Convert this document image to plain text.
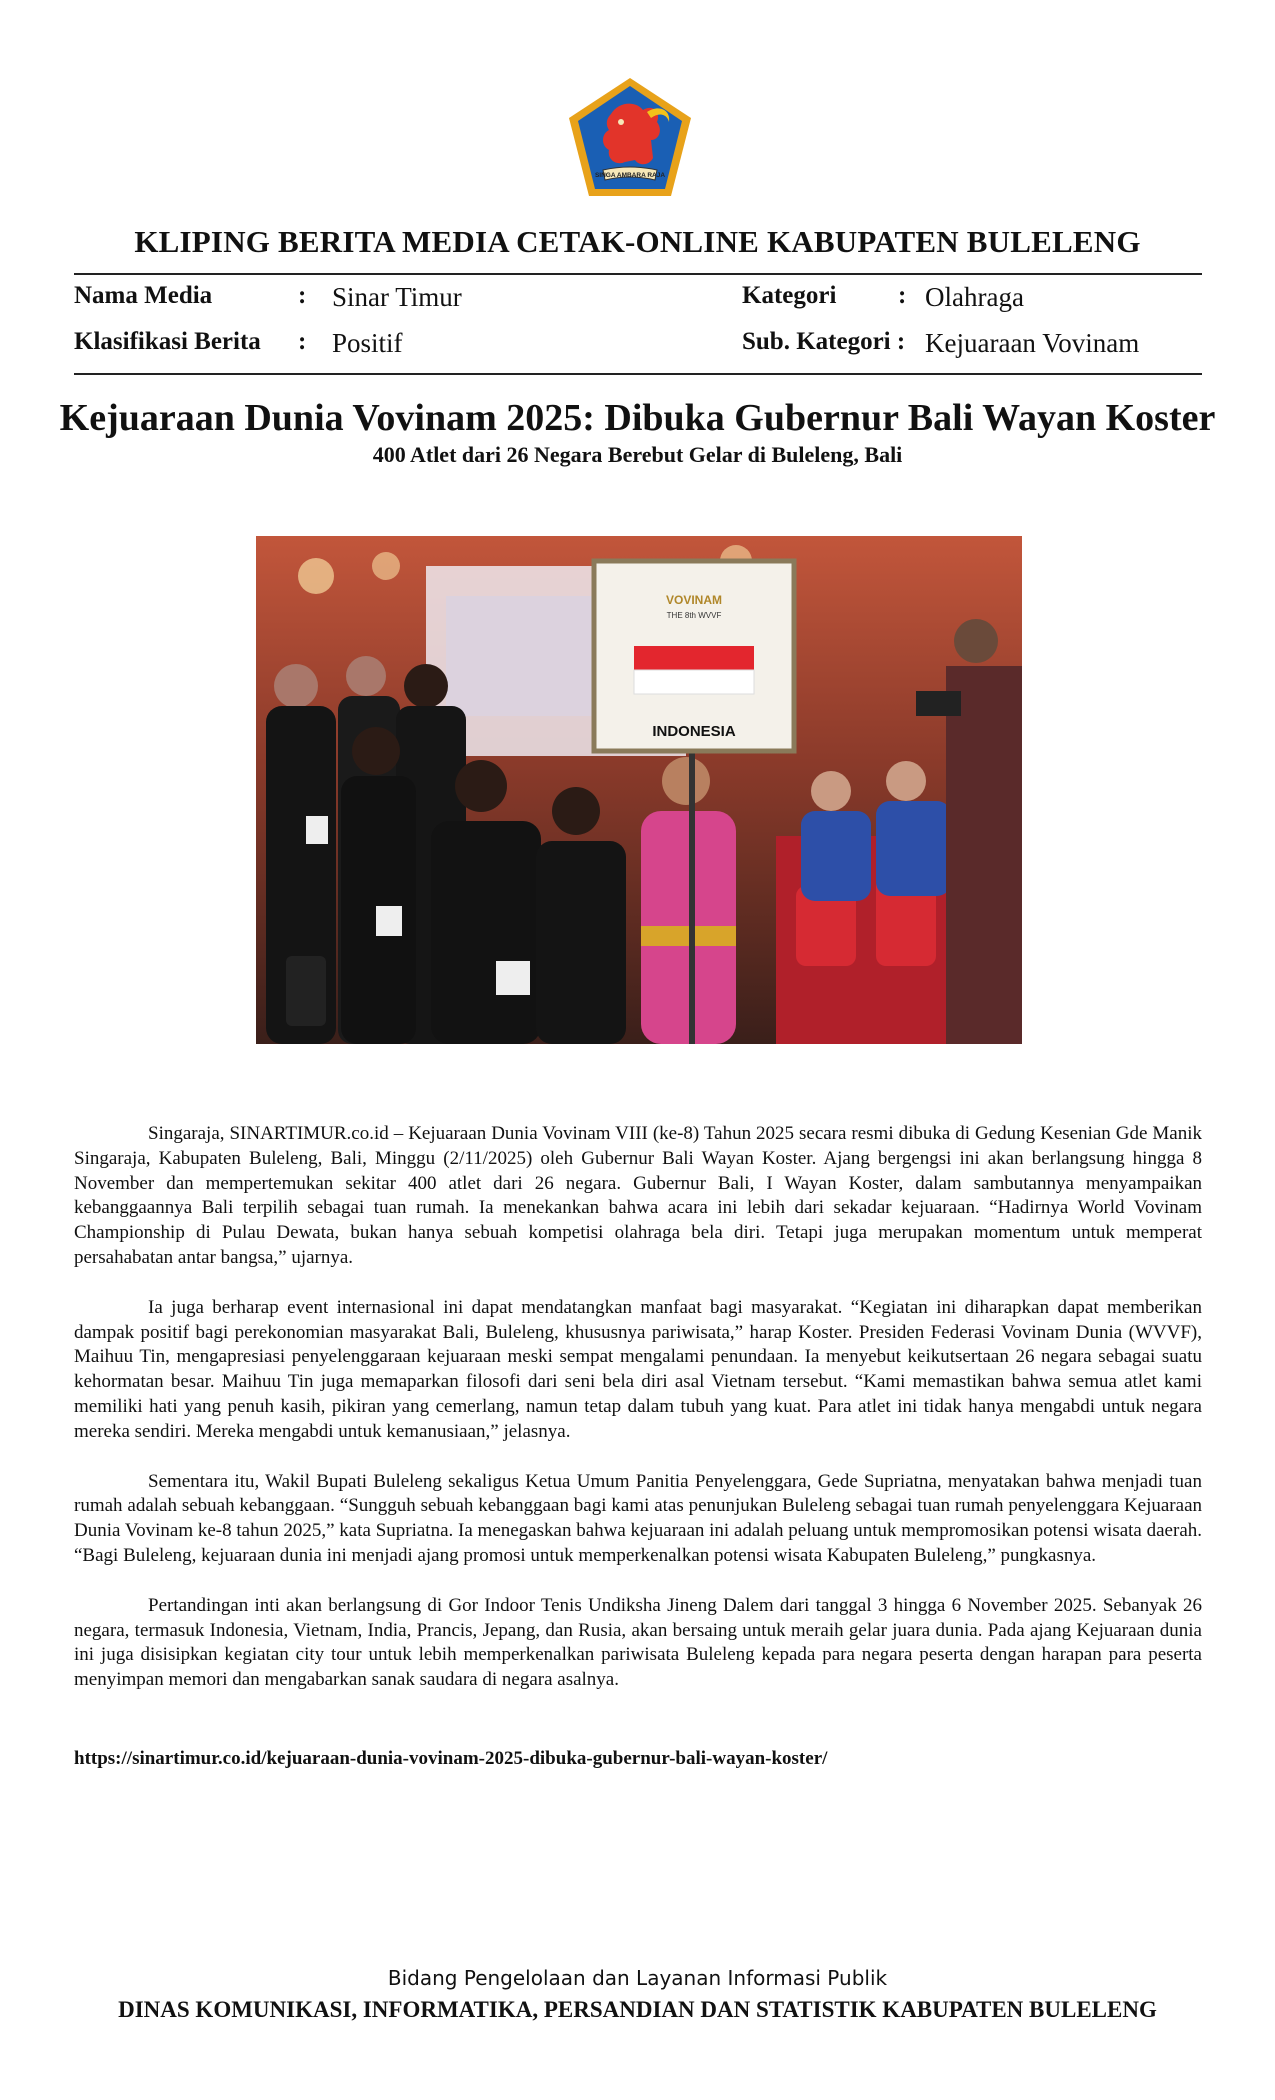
SINGA AMBARA RAJA
KLIPING BERITA MEDIA CETAK-ONLINE KABUPATEN BULELENG
Nama Media	: Sinar Timur
Klasifikasi Berita : Positif
Kategori : Olahraga
Sub. Kategori : Kejuaraan Vovinam
Kejuaraan Dunia Vovinam 2025: Dibuka Gubernur Bali Wayan Koster
400 Atlet dari 26 Negara Berebut Gelar di Buleleng, Bali
VOVINAM
THE 8th WVVF
INDONESIA

Singaraja, SINARTIMUR.co.id – Kejuaraan Dunia Vovinam VIII (ke-8) Tahun 2025 secara resmi dibuka di Gedung Kesenian Gde Manik Singaraja, Kabupaten Buleleng, Bali, Minggu (2/11/2025) oleh Gubernur Bali Wayan Koster. Ajang bergengsi ini akan berlangsung hingga 8 November dan mempertemukan sekitar 400 atlet dari 26 negara. Gubernur Bali, I Wayan Koster, dalam sambutannya menyampaikan kebanggaannya Bali terpilih sebagai tuan rumah. Ia menekankan bahwa acara ini lebih dari sekadar kejuaraan. “Hadirnya World Vovinam Championship di Pulau Dewata, bukan hanya sebuah kompetisi olahraga bela diri. Tetapi juga merupakan momentum untuk memperat persahabatan antar bangsa,” ujarnya.

Ia juga berharap event internasional ini dapat mendatangkan manfaat bagi masyarakat. “Kegiatan ini diharapkan dapat memberikan dampak positif bagi perekonomian masyarakat Bali, Buleleng, khususnya pariwisata,” harap Koster. Presiden Federasi Vovinam Dunia (WVVF), Maihuu Tin, mengapresiasi penyelenggaraan kejuaraan meski sempat mengalami penundaan. Ia menyebut keikutsertaan 26 negara sebagai suatu kehormatan besar. Maihuu Tin juga memaparkan filosofi dari seni bela diri asal Vietnam tersebut. “Kami memastikan bahwa semua atlet kami memiliki hati yang penuh kasih, pikiran yang cemerlang, namun tetap dalam tubuh yang kuat. Para atlet ini tidak hanya mengabdi untuk negara mereka sendiri. Mereka mengabdi untuk kemanusiaan,” jelasnya.

Sementara itu, Wakil Bupati Buleleng sekaligus Ketua Umum Panitia Penyelenggara, Gede Supriatna, menyatakan bahwa menjadi tuan rumah adalah sebuah kebanggaan. “Sungguh sebuah kebanggaan bagi kami atas penunjukan Buleleng sebagai tuan rumah penyelenggara Kejuaraan Dunia Vovinam ke-8 tahun 2025,” kata Supriatna. Ia menegaskan bahwa kejuaraan ini adalah peluang untuk mempromosikan potensi wisata daerah. “Bagi Buleleng, kejuaraan dunia ini menjadi ajang promosi untuk memperkenalkan potensi wisata Kabupaten Buleleng,” pungkasnya.

Pertandingan inti akan berlangsung di Gor Indoor Tenis Undiksha Jineng Dalem dari tanggal 3 hingga 6 November 2025. Sebanyak 26 negara, termasuk Indonesia, Vietnam, India, Prancis, Jepang, dan Rusia, akan bersaing untuk meraih gelar juara dunia. Pada ajang Kejuaraan dunia ini juga disisipkan kegiatan city tour untuk lebih memperkenalkan pariwisata Buleleng kepada para negara peserta dengan harapan para peserta menyimpan memori dan mengabarkan sanak saudara di negara asalnya.

https://sinartimur.co.id/kejuaraan-dunia-vovinam-2025-dibuka-gubernur-bali-wayan-koster/
Bidang Pengelolaan dan Layanan Informasi Publik
DINAS KOMUNIKASI, INFORMATIKA, PERSANDIAN DAN STATISTIK KABUPATEN BULELENG
